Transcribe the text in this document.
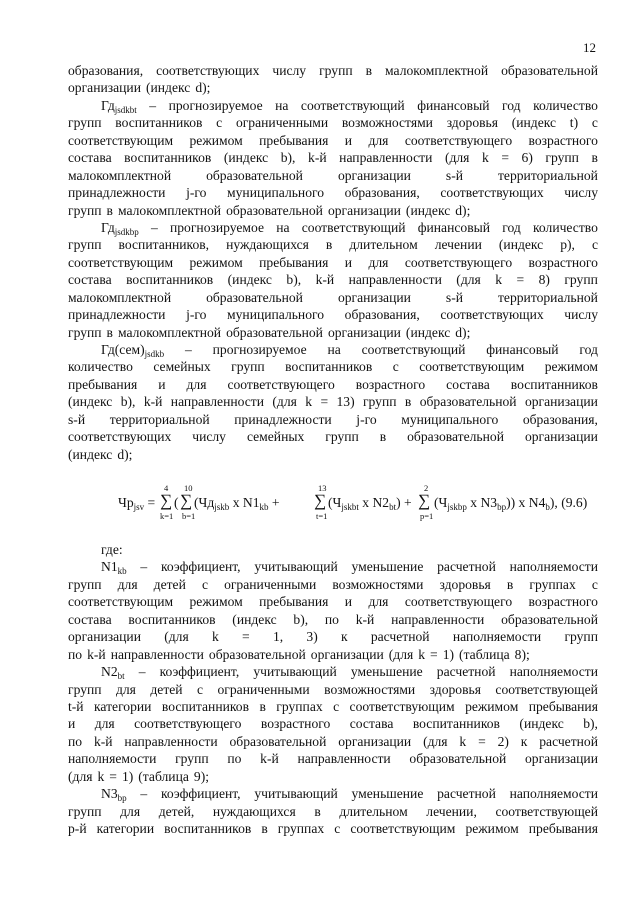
12
образования, соответствующих числу групп в малокомплектной образовательной
организации (индекс d);
$Гд_{jsdkbt}$ – прогнозируемое на соответствующий финансовый год количество
групп воспитанников с ограниченными возможностями здоровья (индекс t) с
соответствующим режимом пребывания и для соответствующего возрастного
состава воспитанников (индекс b), k-й направленности (для k = 6) групп в
малокомплектной	образовательной	организации	s-й	территориальной
принадлежности j-го муниципального образования, соответствующих числу
групп в малокомплектной образовательной организации (индекс d);
$Гд_{jsdkbp}$ – прогнозируемое на соответствующий финансовый год количество
групп воспитанников, нуждающихся в длительном лечении (индекс р), с
соответствующим режимом пребывания и для соответствующего возрастного
состава воспитанников (индекс b), k-й направленности (для k = 8) групп
малокомплектной	образовательной	организации	s-й	территориальной
принадлежности j-го муниципального образования, соответствующих числу
групп в малокомплектной образовательной организации (индекс d);
$Гд(сем)_{jsdkb}$ – прогнозируемое на соответствующий финансовый год
количество семейных групп воспитанников с соответствующим режимом
пребывания и для соответствующего возрастного состава воспитанников
(индекс b), k-й направленности (для k = 13) групп в образовательной организации
s-й территориальной принадлежности j-го муниципального образования,
соответствующих числу семейных групп в образовательной организации
(индекс d);
$Чр_{jsv}$ =
4
∑
k=1
(
10
∑
b=1
($Чд_{jskb}$ x $N1_{kb}$ +
13
∑
t=1
($Ч_{jskbt}$ x $N2_{bt}$) +
2
∑
p=1
($Ч_{jskbp}$ x $N3_{bp}$)) x $N4_b$), (9.6)
где:
$N1_{kb}$ – коэффициент, учитывающий уменьшение расчетной наполняемости
групп для детей с ограниченными возможностями здоровья в группах с
соответствующим режимом пребывания и для соответствующего возрастного
состава воспитанников (индекс b), по k-й направленности образовательной
организации (для k = 1, 3) к расчетной наполняемости групп
по k-й направленности образовательной организации (для k = 1) (таблица 8);
$N2_{bt}$ – коэффициент, учитывающий уменьшение расчетной наполняемости
групп для детей с ограниченными возможностями здоровья соответствующей
t-й категории воспитанников в группах с соответствующим режимом пребывания
и для соответствующего возрастного состава воспитанников (индекс b),
по k-й направленности образовательной организации (для k = 2) к расчетной
наполняемости групп по k-й направленности образовательной организации
(для k = 1) (таблица 9);
$N3_{bp}$ – коэффициент, учитывающий уменьшение расчетной наполняемости
групп для детей, нуждающихся в длительном лечении, соответствующей
р-й категории воспитанников в группах с соответствующим режимом пребывания
